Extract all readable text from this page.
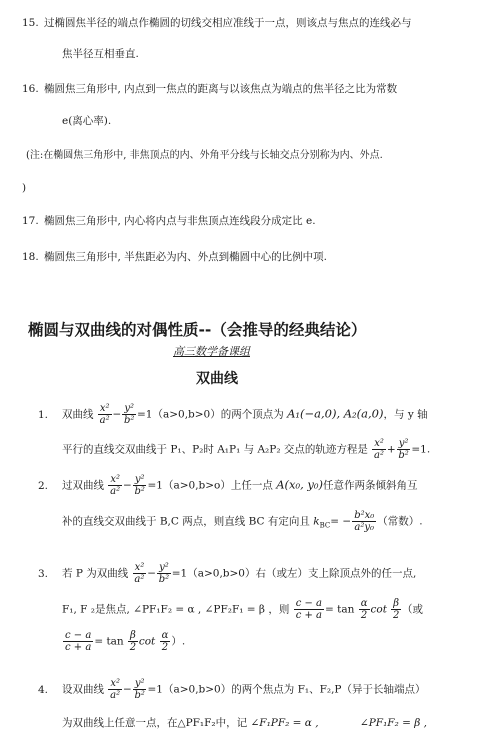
15. 过椭圆焦半径的端点作椭圆的切线交相应准线于一点，则该点与焦点的连线必与
焦半径互相垂直.
16. 椭圆焦三角形中, 内点到一焦点的距离与以该焦点为端点的焦半径之比为常数
e(离心率).
(注:在椭圆焦三角形中, 非焦顶点的内、外角平分线与长轴交点分别称为内、外点.
)
17. 椭圆焦三角形中, 内心将内点与非焦顶点连线段分成定比 e.
18. 椭圆焦三角形中, 半焦距必为内、外点到椭圆中心的比例中项.
椭圆与双曲线的对偶性质--（会推导的经典结论）
高三数学备课组
双曲线
1. 双曲线 $\frac{\text{x²}}{\text{a²}} - \frac{\text{y²}}{\text{b²}} =1(a>0,b>0)$的两个顶点为 A₁(−a,0), A₂(a,0)，与 y 轴
平行的直线交双曲线于 P₁、P₂时 A₁P₁ 与 A₂P₂ 交点的轨迹方程是 $\frac{\text{x²}}{\text{a²}} + \frac{\text{y²}}{\text{b²}} =1$.
2. 过双曲线 $\frac{\text{x²}}{\text{a²}} - \frac{\text{y²}}{\text{b²}} =1(a>0,b>o)$上任一点 A(x₀, y₀)任意作两条倾斜角互
补的直线交双曲线于 B,C 两点，则直线 BC 有定向且 $k_{BC}= - \frac{\text{b²x₀}}{\text{a²y₀}}$ （常数）.
3. 若 P 为双曲线 $\frac{\text{x²}}{\text{a²}} - \frac{\text{y²}}{\text{b²}} =1(a>0,b>0)$右（或左）支上除顶点外的任一点,
F₁, F ₂是焦点, ∠PF₁F₂ = α , ∠PF₂F₁ = β ，则 $\frac{c - a}{c + a} = \tan \frac{\alpha}{2}$ $\cot \frac{\beta}{2}$ （或
$\frac{c - a}{c + a} = \tan \frac{\beta}{2}$ $\cot \frac{\alpha}{2}$ ）.
4. 设双曲线 $\frac{\text{x²}}{\text{a²}} - \frac{\text{y²}}{\text{b²}} =1(a>0,b>0)$的两个焦点为 F₁、F₂,P（异于长轴端点）
为双曲线上任意一点，在△PF₁F₂中，记 ∠F₁PF₂ = α ,	∠PF₁F₂ = β ,
